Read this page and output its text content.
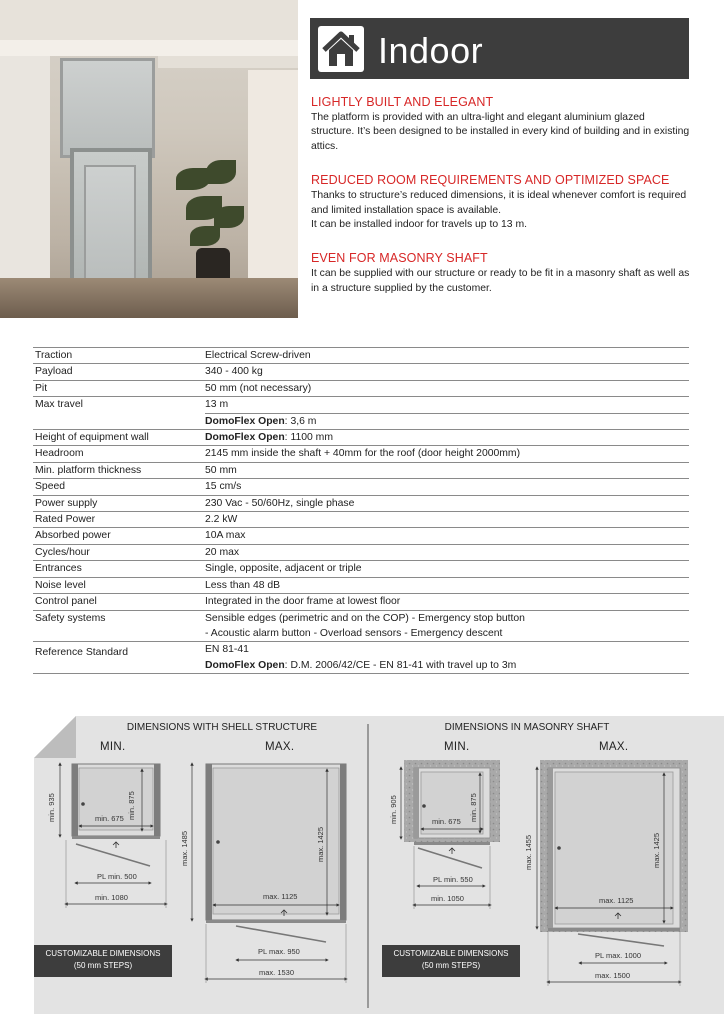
Indoor
LIGHTLY BUILT AND ELEGANT
The platform is provided with an ultra-light and elegant aluminium glazed structure. It’s been designed to be installed in every kind of building and in existing attics.
REDUCED ROOM REQUIREMENTS AND OPTIMIZED SPACE
Thanks to structure’s reduced dimensions, it is ideal whenever comfort is required and limited installation space is available.
It can be installed indoor for travels up to 13 m.
EVEN FOR MASONRY SHAFT
It can be supplied with our structure or ready to be fit in a masonry shaft as well as in a structure supplied by the customer.
Traction	Electrical Screw-driven
Payload	340 - 400 kg
Pit	50 mm (not necessary)
Max travel	13 m
DomoFlex Open: 3,6 m
Height of equipment wall	DomoFlex Open: 1100 mm
Headroom	2145 mm inside the shaft + 40mm for the roof (door height 2000mm)
Min. platform thickness	50 mm
Speed	15 cm/s
Power supply	230 Vac - 50/60Hz, single phase
Rated Power	2.2 kW
Absorbed power	10A max
Cycles/hour	20 max
Entrances	Single, opposite, adjacent or triple
Noise level	Less than 48 dB
Control panel	Integrated in the door frame at lowest floor
Safety systems	Sensible edges (perimetric and on the COP) - Emergency stop button
- Acoustic alarm button - Overload sensors - Emergency descent
Reference Standard	EN 81-41
DomoFlex Open: D.M. 2006/42/CE - EN 81-41 with travel up to 3m
DIMENSIONS WITH SHELL STRUCTURE	DIMENSIONS IN MASONRY SHAFT
MIN.	MAX.	MIN.	MAX.
min. 935	min. 875
min. 675
PL min. 500
min. 1080
max. 1485	max. 1425
max. 1125
PL max. 950
max. 1530
min. 905	min. 875
min. 675
PL min. 550
min. 1050
max. 1455	max. 1425
max. 1125
PL max. 1000
max. 1500
CUSTOMIZABLE DIMENSIONS
(50 mm STEPS)
CUSTOMIZABLE DIMENSIONS
(50 mm STEPS)
